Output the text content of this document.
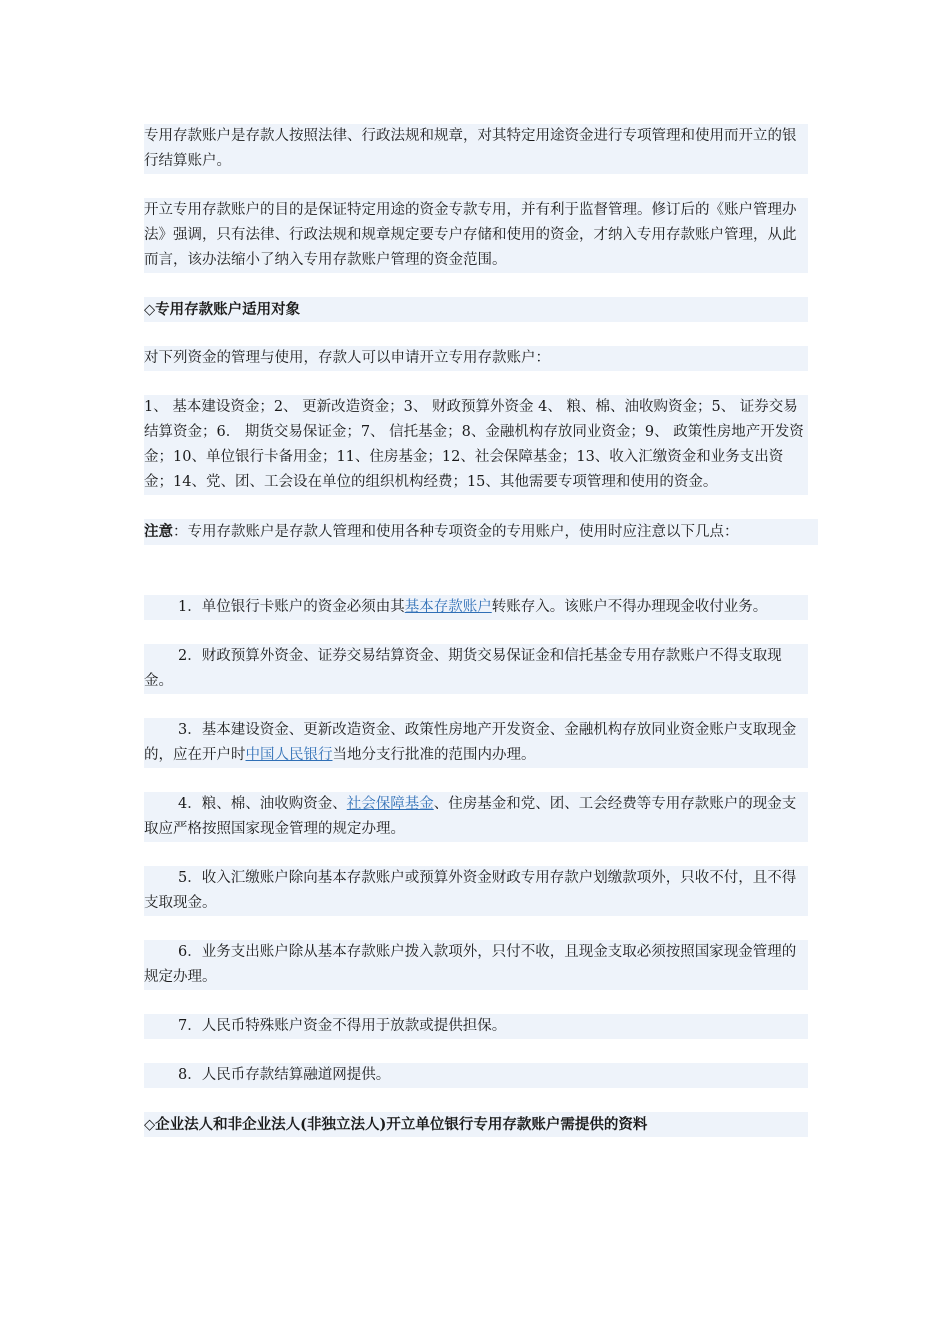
专用存款账户是存款人按照法律、行政法规和规章，对其特定用途资金进行专项管理和使用而开立的银行结算账户。

开立专用存款账户的目的是保证特定用途的资金专款专用，并有利于监督管理。修订后的《账户管理办法》强调，只有法律、行政法规和规章规定要专户存储和使用的资金，才纳入专用存款账户管理，从此而言，该办法缩小了纳入专用存款账户管理的资金范围。

◇专用存款账户适用对象

对下列资金的管理与使用，存款人可以申请开立专用存款账户：

1、 基本建设资金；2、 更新改造资金；3、 财政预算外资金 4、 粮、棉、油收购资金；5、 证券交易结算资金；6． 期货交易保证金；7、 信托基金；8、金融机构存放同业资金；9、 政策性房地产开发资金；10、单位银行卡备用金；11、住房基金；12、社会保障基金；13、收入汇缴资金和业务支出资金；14、党、团、工会设在单位的组织机构经费；15、其他需要专项管理和使用的资金。

注意：专用存款账户是存款人管理和使用各种专项资金的专用账户，使用时应注意以下几点：

1．单位银行卡账户的资金必须由其基本存款账户转账存入。该账户不得办理现金收付业务。

2．财政预算外资金、证券交易结算资金、期货交易保证金和信托基金专用存款账户不得支取现金。

3．基本建设资金、更新改造资金、政策性房地产开发资金、金融机构存放同业资金账户支取现金的，应在开户时中国人民银行当地分支行批准的范围内办理。

4．粮、棉、油收购资金、社会保障基金、住房基金和党、团、工会经费等专用存款账户的现金支取应严格按照国家现金管理的规定办理。

5．收入汇缴账户除向基本存款账户或预算外资金财政专用存款户划缴款项外，只收不付，且不得支取现金。

6．业务支出账户除从基本存款账户拨入款项外，只付不收，且现金支取必须按照国家现金管理的规定办理。

7．人民币特殊账户资金不得用于放款或提供担保。

8．人民币存款结算融道网提供。

◇企业法人和非企业法人(非独立法人)开立单位银行专用存款账户需提供的资料
